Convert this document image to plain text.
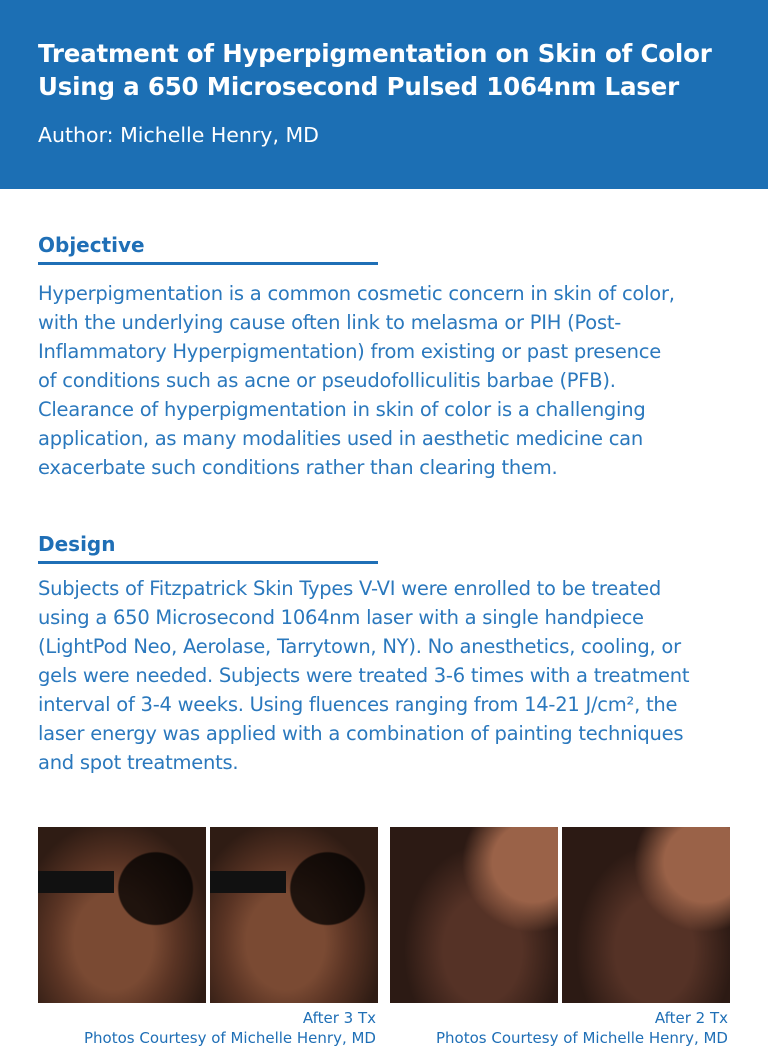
Treatment of Hyperpigmentation on Skin of Color
Using a 650 Microsecond Pulsed 1064nm Laser
Author: Michelle Henry, MD
Objective
Hyperpigmentation is a common cosmetic concern in skin of color,
with the underlying cause often link to melasma or PIH (Post-
Inflammatory Hyperpigmentation) from existing or past presence
of conditions such as acne or pseudofolliculitis barbae (PFB).
Clearance of hyperpigmentation in skin of color is a challenging
application, as many modalities used in aesthetic medicine can
exacerbate such conditions rather than clearing them.
Design
Subjects of Fitzpatrick Skin Types V-VI were enrolled to be treated
using a 650 Microsecond 1064nm laser with a single handpiece
(LightPod Neo, Aerolase, Tarrytown, NY). No anesthetics, cooling, or
gels were needed. Subjects were treated 3-6 times with a treatment
interval of 3-4 weeks. Using fluences ranging from 14-21 J/cm², the
laser energy was applied with a combination of painting techniques
and spot treatments.
After 3 Tx
Photos Courtesy of Michelle Henry, MD
After 2 Tx
Photos Courtesy of Michelle Henry, MD
